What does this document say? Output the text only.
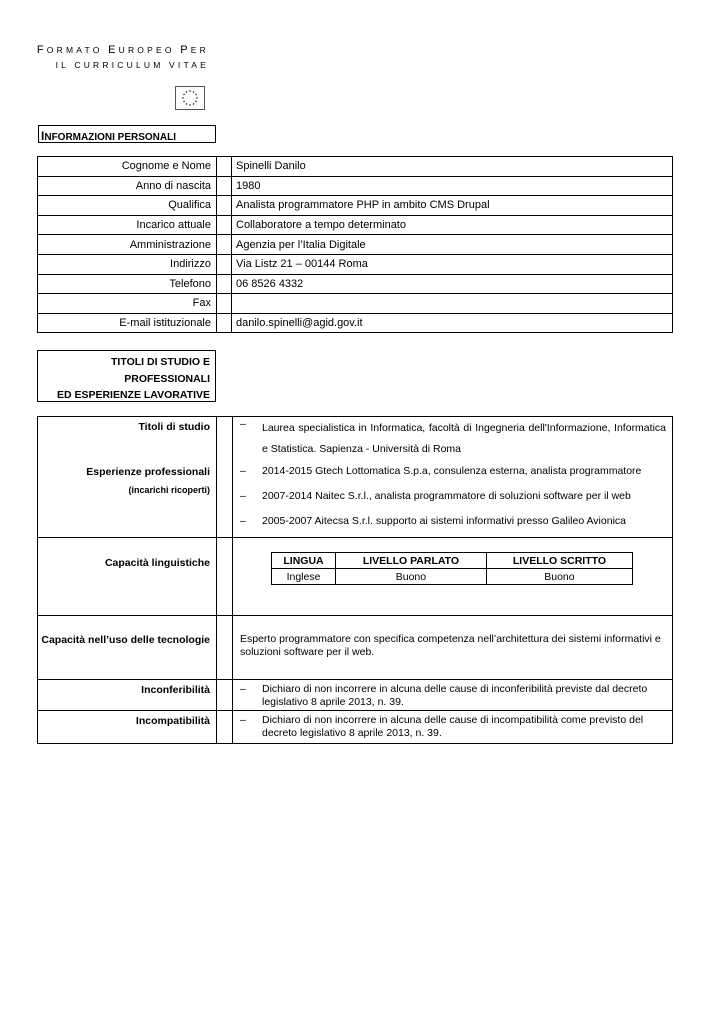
FORMATO EUROPEO PER
IL CURRICULUM VITAE
INFORMAZIONI PERSONALI
Cognome e Nome		Spinelli Danilo
Anno di nascita		1980
Qualifica		Analista programmatore PHP in ambito CMS Drupal
Incarico attuale		Collaboratore a tempo determinato
Amministrazione		Agenzia per l’Italia Digitale
Indirizzo		Via Listz 21 – 00144 Roma
Telefono		06 8526 4332
Fax		
E-mail istituzionale		danilo.spinelli@agid.gov.it
TITOLI DI STUDIO E
PROFESSIONALI
ED ESPERIENZE LAVORATIVE
Titoli di studio	– Laurea specialistica in Informatica, facoltà di Ingegneria dell'Informazione, Informatica e Statistica. Sapienza - Università di Roma
Esperienze professionali
(incarichi ricoperti)
– 2014-2015 Gtech Lottomatica S.p.a, consulenza esterna, analista programmatore
– 2007-2014 Naitec S.r.l., analista programmatore di soluzioni software per il web
– 2005-2007 Aitecsa S.r.l. supporto ai sistemi informativi presso Galileo Avionica
Capacità linguistiche	LINGUA	LIVELLO PARLATO	LIVELLO SCRITTO
Inglese	Buono	Buono
Capacità nell’uso delle tecnologie	Esperto programmatore con specifica competenza nell’architettura dei sistemi informativi e soluzioni software per il web.
Inconferibilità	– Dichiaro di non incorrere in alcuna delle cause di inconferibilità previste dal decreto legislativo 8 aprile 2013, n. 39.
Incompatibilità	– Dichiaro di non incorrere in alcuna delle cause di incompatibilità come previsto del decreto legislativo 8 aprile 2013, n. 39.
